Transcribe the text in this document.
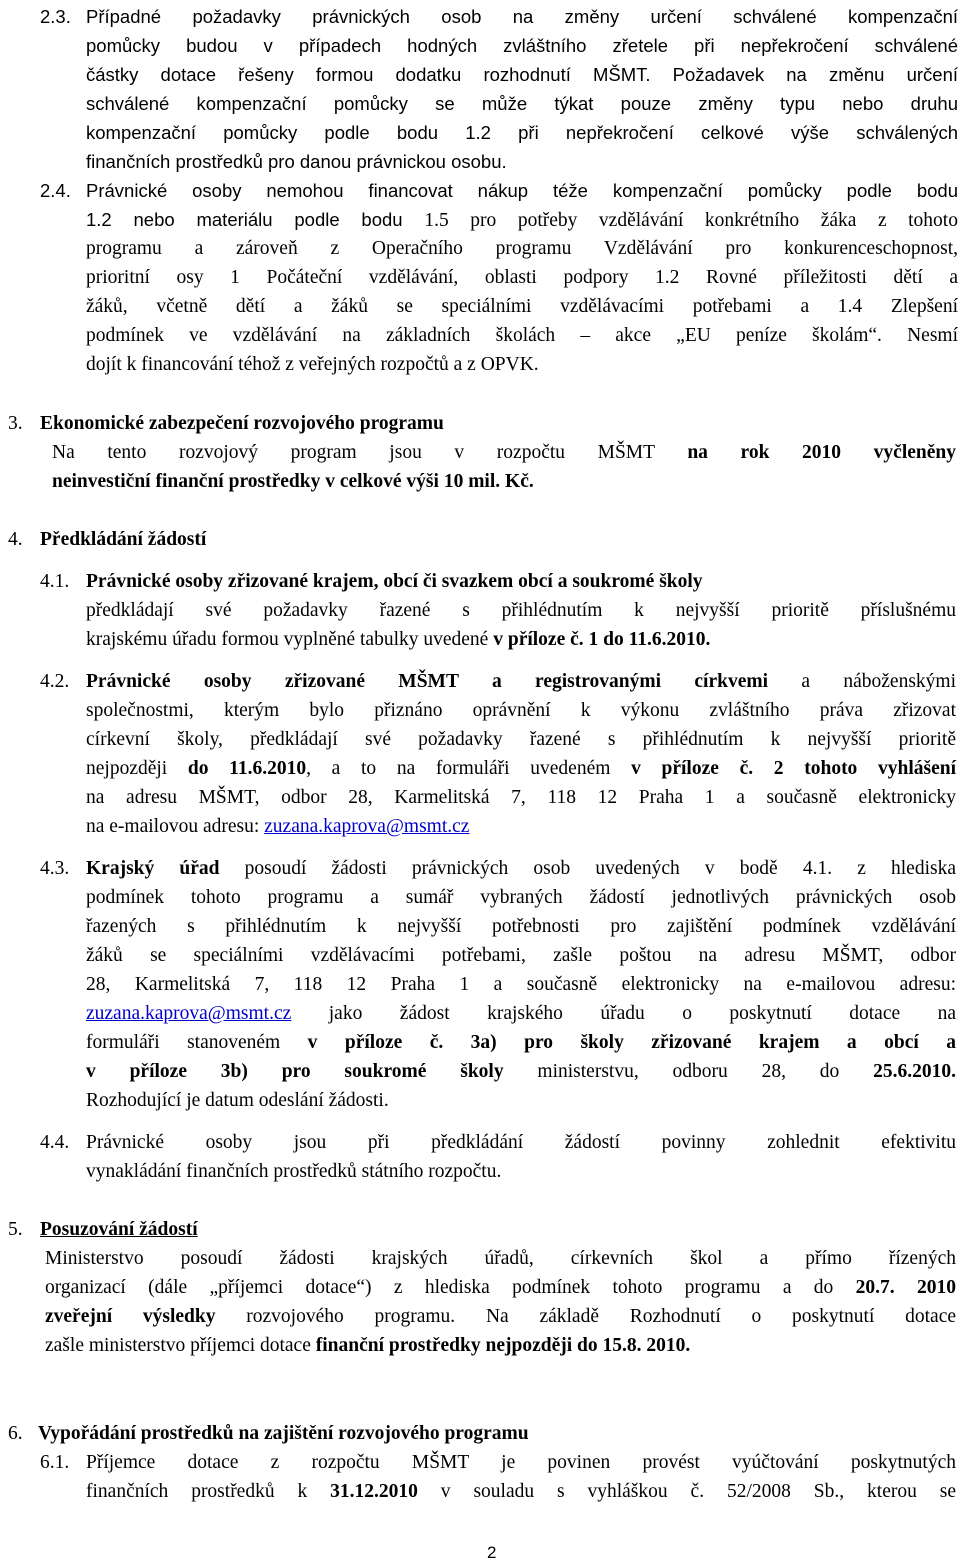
2.3. Případné požadavky právnických osob na změny určení schválené kompenzační
pomůcky budou v případech hodných zvláštního zřetele při nepřekročení schválené
částky dotace řešeny formou dodatku rozhodnutí MŠMT. Požadavek na změnu určení
schválené kompenzační pomůcky se může týkat pouze změny typu nebo druhu
kompenzační pomůcky podle bodu 1.2 při nepřekročení celkové výše schválených
finančních prostředků pro danou právnickou osobu.
2.4. Právnické osoby nemohou financovat nákup téže kompenzační pomůcky podle bodu
1.2 nebo materiálu podle bodu 1.5 pro potřeby vzdělávání konkrétního žáka z tohoto
programu a zároveň z Operačního programu Vzdělávání pro konkurenceschopnost,
prioritní osy 1 Počáteční vzdělávání, oblasti podpory 1.2 Rovné příležitosti dětí a
žáků, včetně dětí a žáků se speciálními vzdělávacími potřebami a 1.4 Zlepšení
podmínek ve vzdělávání na základních školách – akce „EU peníze školám“. Nesmí
dojít k financování téhož z veřejných rozpočtů a z OPVK.
3. Ekonomické zabezpečení rozvojového programu
Na tento rozvojový program jsou v rozpočtu MŠMT na rok 2010 vyčleněny
neinvestiční finanční prostředky v celkové výši 10 mil. Kč.
4. Předkládání žádostí
4.1. Právnické osoby zřizované krajem, obcí či svazkem obcí a soukromé školy
předkládají své požadavky řazené s přihlédnutím k nejvyšší prioritě příslušnému
krajskému úřadu formou vyplněné tabulky uvedené v příloze č. 1 do 11.6.2010.
4.2. Právnické osoby zřizované MŠMT a registrovanými církvemi a náboženskými
společnostmi, kterým bylo přiznáno oprávnění k výkonu zvláštního práva zřizovat
církevní školy, předkládají své požadavky řazené s přihlédnutím k nejvyšší prioritě
nejpozději do 11.6.2010, a to na formuláři uvedeném v příloze č. 2 tohoto vyhlášení
na adresu MŠMT, odbor 28, Karmelitská 7, 118 12 Praha 1 a současně elektronicky
na e-mailovou adresu: zuzana.kaprova@msmt.cz
4.3. Krajský úřad posoudí žádosti právnických osob uvedených v bodě 4.1. z hlediska
podmínek tohoto programu a sumář vybraných žádostí jednotlivých právnických osob
řazených s přihlédnutím k nejvyšší potřebnosti pro zajištění podmínek vzdělávání
žáků se speciálními vzdělávacími potřebami, zašle poštou na adresu MŠMT, odbor
28, Karmelitská 7, 118 12 Praha 1 a současně elektronicky na e-mailovou adresu:
zuzana.kaprova@msmt.cz jako žádost krajského úřadu o poskytnutí dotace na
formuláři stanoveném v příloze č. 3a) pro školy zřizované krajem a obcí a
v příloze 3b) pro soukromé školy ministerstvu, odboru 28, do 25.6.2010.
Rozhodující je datum odeslání žádosti.
4.4. Právnické osoby jsou při předkládání žádostí povinny zohlednit efektivitu
vynakládání finančních prostředků státního rozpočtu.
5. Posuzování žádostí
Ministerstvo posoudí žádosti krajských úřadů, církevních škol a přímo řízených
organizací (dále „příjemci dotace“) z hlediska podmínek tohoto programu a do 20.7. 2010
zveřejní výsledky rozvojového programu. Na základě Rozhodnutí o poskytnutí dotace
zašle ministerstvo příjemci dotace finanční prostředky nejpozději do 15.8. 2010.
6. Vypořádání prostředků na zajištění rozvojového programu
6.1. Příjemce dotace z rozpočtu MŠMT je povinen provést vyúčtování poskytnutých
finančních prostředků k 31.12.2010 v souladu s vyhláškou č. 52/2008 Sb., kterou se
2
